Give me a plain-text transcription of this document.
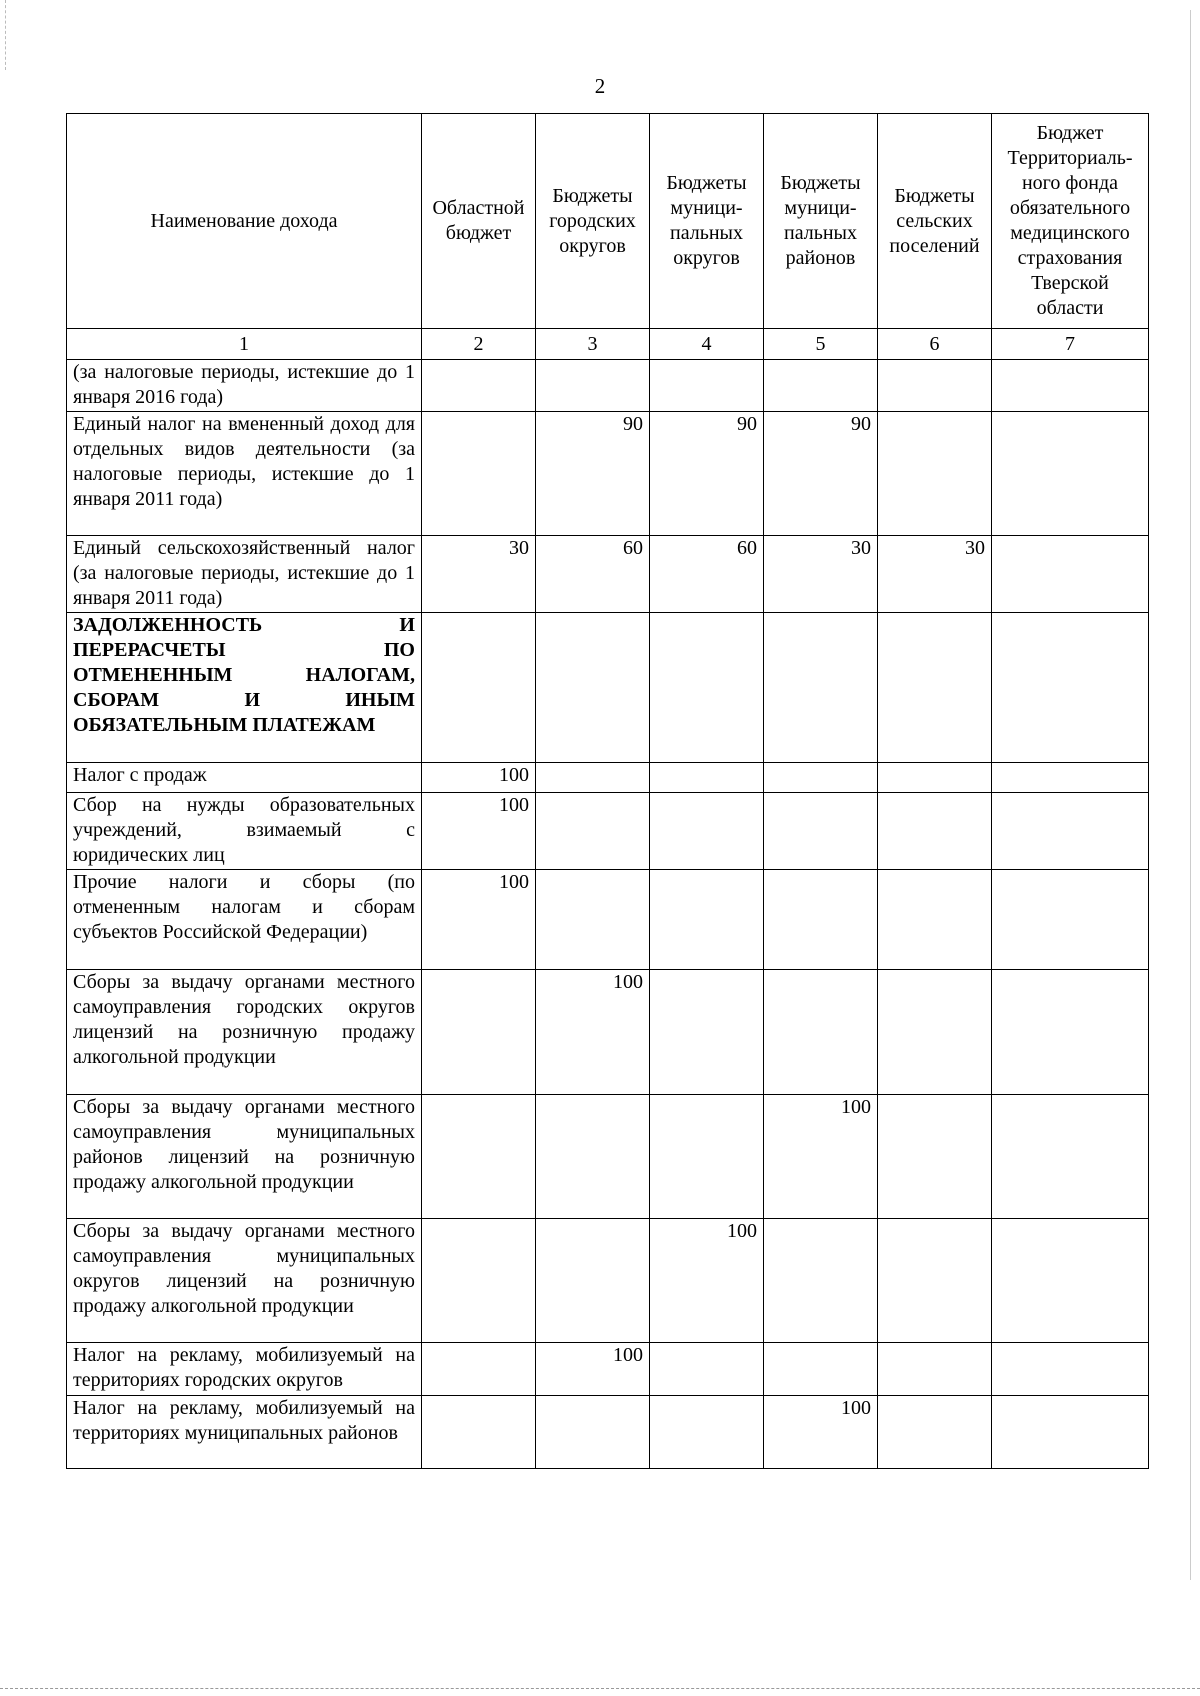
2
Наименование дохода	Областной бюджет	Бюджеты городских округов	Бюджеты муници-пальных округов	Бюджеты муници-пальных районов	Бюджеты сельских поселений	Бюджет Территориаль-ного фонда обязательного медицинского страхования Тверской области
1	2	3	4	5	6	7
(за налоговые периоды, истекшие до 1 января 2016 года)						
Единый налог на вмененный доход для отдельных видов деятельности (за налоговые периоды, истекшие до 1 января 2011 года)		90	90	90		
Единый сельскохозяйственный налог (за налоговые периоды, истекшие до 1 января 2011 года)	30	60	60	30	30	
ЗАДОЛЖЕННОСТЬ И ПЕРЕРАСЧЕТЫ ПО ОТМЕНЕННЫМ НАЛОГАМ, СБОРАМ И ИНЫМ ОБЯЗАТЕЛЬНЫМ ПЛАТЕЖАМ						
Налог с продаж	100					
Сбор на нужды образовательных учреждений, взимаемый с юридических лиц	100					
Прочие налоги и сборы (по отмененным налогам и сборам субъектов Российской Федерации)	100					
Сборы за выдачу органами местного самоуправления городских округов лицензий на розничную продажу алкогольной продукции		100				
Сборы за выдачу органами местного самоуправления муниципальных районов лицензий на розничную продажу алкогольной продукции				100		
Сборы за выдачу органами местного самоуправления муниципальных округов лицензий на розничную продажу алкогольной продукции			100			
Налог на рекламу, мобилизуемый на территориях городских округов		100				
Налог на рекламу, мобилизуемый на территориях муниципальных районов				100		
